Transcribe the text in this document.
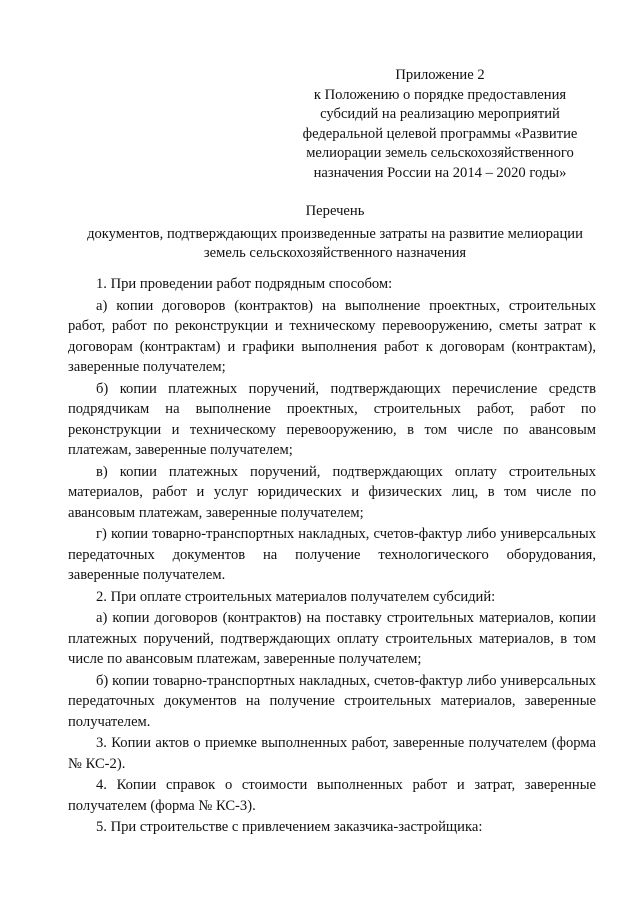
Приложение 2
к Положению о порядке предоставления
субсидий на реализацию мероприятий
федеральной целевой программы «Развитие
мелиорации земель сельскохозяйственного
назначения России на 2014 – 2020 годы»
Перечень
документов, подтверждающих произведенные затраты на развитие мелиорации
земель сельскохозяйственного назначения

1. При проведении работ подрядным способом:

а) копии договоров (контрактов) на выполнение проектных, строительных работ, работ по реконструкции и техническому перевооружению, сметы затрат к договорам (контрактам) и графики выполнения работ к договорам (контрактам), заверенные получателем;

б) копии платежных поручений, подтверждающих перечисление средств подрядчикам на выполнение проектных, строительных работ, работ по реконструкции и техническому перевооружению, в том числе по авансовым платежам, заверенные получателем;

в) копии платежных поручений, подтверждающих оплату строительных материалов, работ и услуг юридических и физических лиц, в том числе по авансовым платежам, заверенные получателем;

г) копии товарно-транспортных накладных, счетов-фактур либо универсальных передаточных документов на получение технологического оборудования, заверенные получателем.

2. При оплате строительных материалов получателем субсидий:

а) копии договоров (контрактов) на поставку строительных материалов, копии платежных поручений, подтверждающих оплату строительных материалов, в том числе по авансовым платежам, заверенные получателем;

б) копии товарно-транспортных накладных, счетов-фактур либо универсальных передаточных документов на получение строительных материалов, заверенные получателем.

3. Копии актов о приемке выполненных работ, заверенные получателем (форма № КС-2).

4. Копии справок о стоимости выполненных работ и затрат, заверенные получателем (форма № КС-3).

5. При строительстве с привлечением заказчика-застройщика:
